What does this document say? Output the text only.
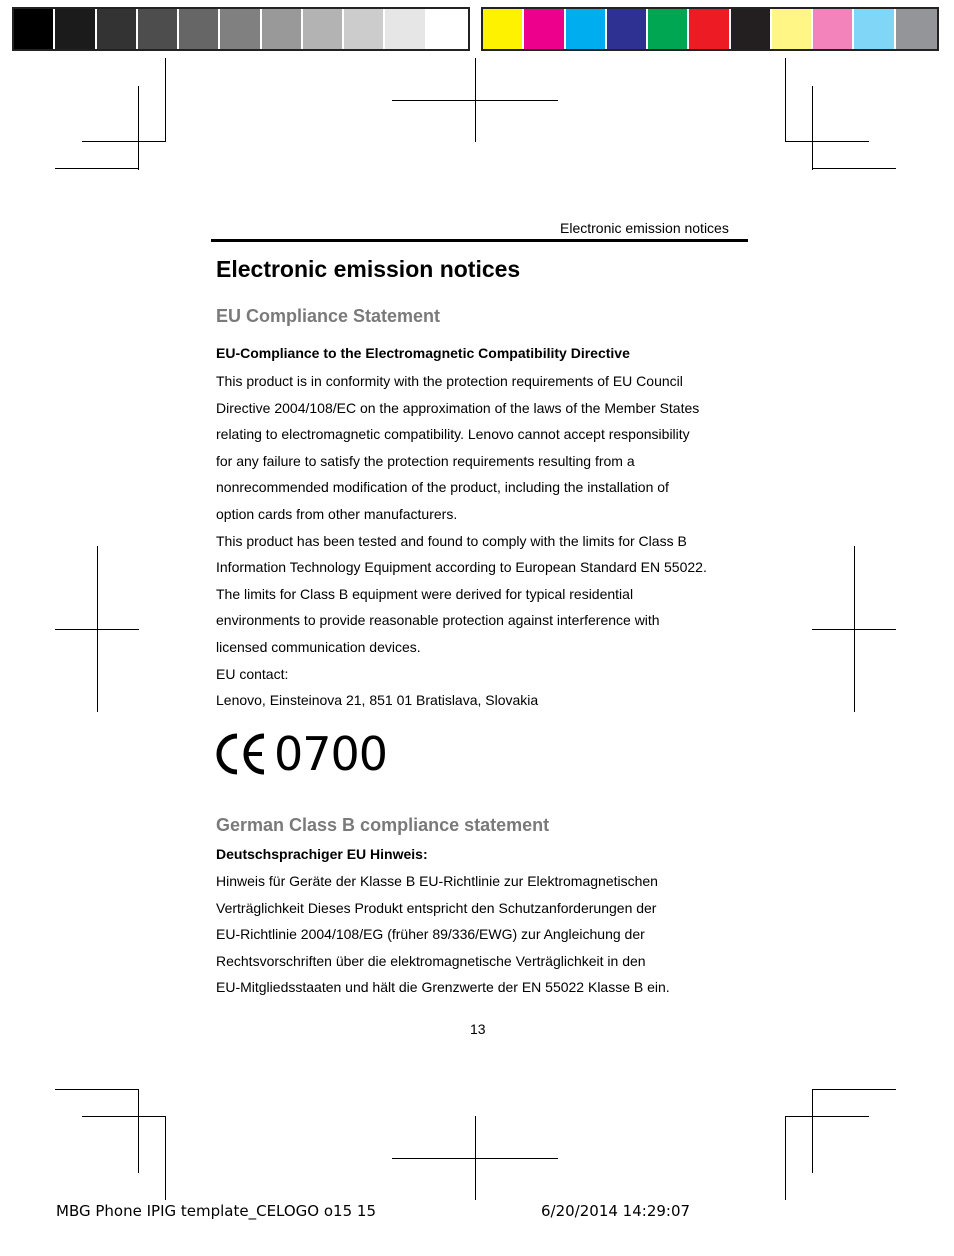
Electronic emission notices
Electronic emission notices
EU Compliance Statement
EU-Compliance to the Electromagnetic Compatibility Directive
This product is in conformity with the protection requirements of EU Council
Directive 2004/108/EC on the approximation of the laws of the Member States
relating to electromagnetic compatibility. Lenovo cannot accept responsibility
for any failure to satisfy the protection requirements resulting from a
nonrecommended modification of the product, including the installation of
option cards from other manufacturers.
This product has been tested and found to comply with the limits for Class B
Information Technology Equipment according to European Standard EN 55022.
The limits for Class B equipment were derived for typical residential
environments to provide reasonable protection against interference with
licensed communication devices.
EU contact:
Lenovo, Einsteinova 21, 851 01 Bratislava, Slovakia
0700
German Class B compliance statement
Deutschsprachiger EU Hinweis:
Hinweis für Geräte der Klasse B EU-Richtlinie zur Elektromagnetischen
Verträglichkeit Dieses Produkt entspricht den Schutzanforderungen der
EU-Richtlinie 2004/108/EG (früher 89/336/EWG) zur Angleichung der
Rechtsvorschriften über die elektromagnetische Verträglichkeit in den
EU-Mitgliedsstaaten und hält die Grenzwerte der EN 55022 Klasse B ein.
13
MBG Phone IPIG template_CELOGO o15 15	6/20/2014 14:29:07
